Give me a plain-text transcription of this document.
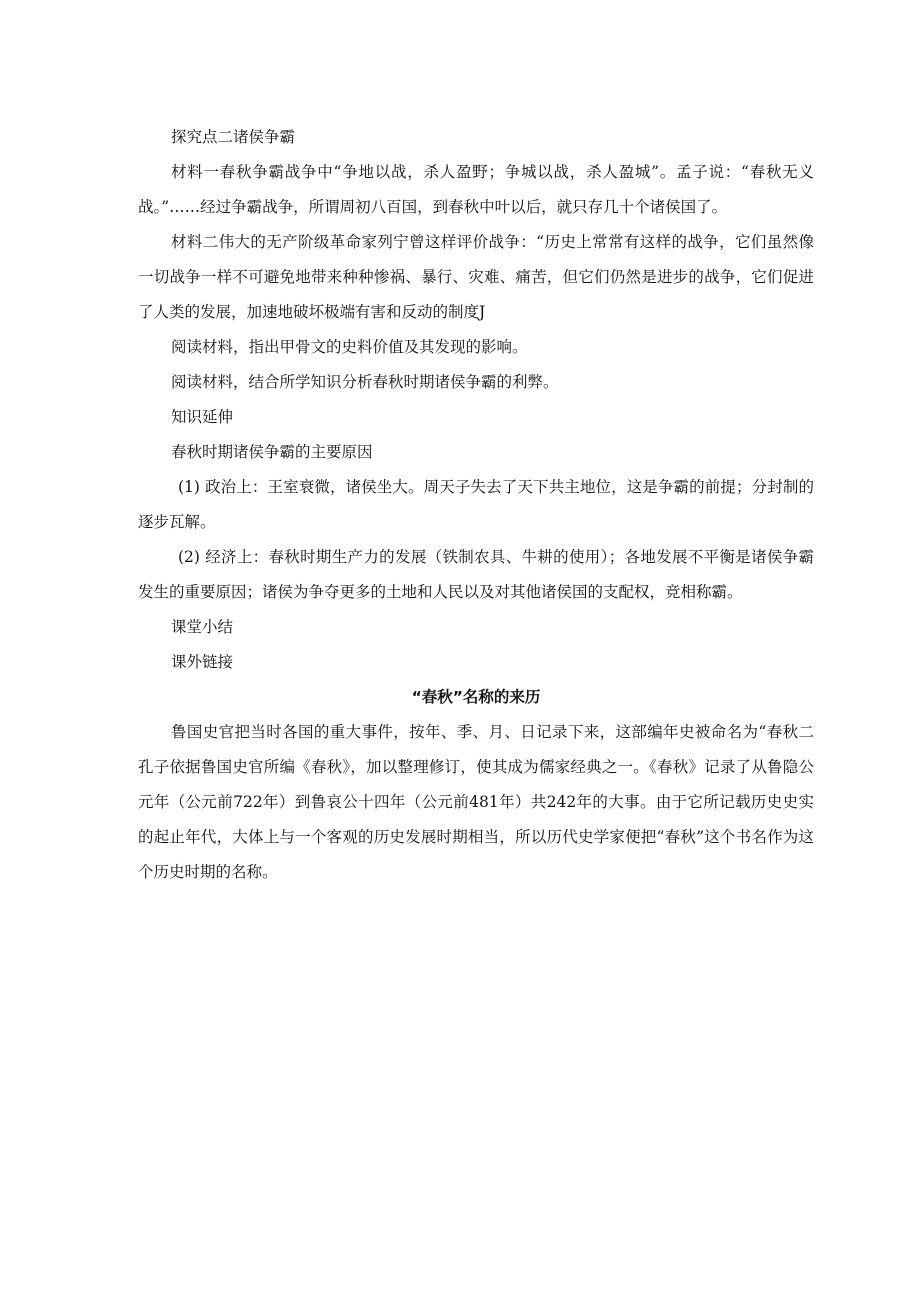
探究点二诸侯争霸

材料一春秋争霸战争中“争地以战，杀人盈野；争城以战，杀人盈城”。孟子说：“春秋无义战。”……经过争霸战争，所谓周初八百国，到春秋中叶以后，就只存几十个诸侯国了。

材料二伟大的无产阶级革命家列宁曾这样评价战争：“历史上常常有这样的战争，它们虽然像一切战争一样不可避免地带来种种惨祸、暴行、灾难、痛苦，但它们仍然是进步的战争，它们促进了人类的发展，加速地破坏极端有害和反动的制度J

阅读材料，指出甲骨文的史料价值及其发现的影响。

阅读材料，结合所学知识分析春秋时期诸侯争霸的利弊。

知识延伸

春秋时期诸侯争霸的主要原因

(1) 政治上：王室衰微，诸侯坐大。周天子失去了天下共主地位，这是争霸的前提；分封制的逐步瓦解。

(2) 经济上：春秋时期生产力的发展（铁制农具、牛耕的使用）；各地发展不平衡是诸侯争霸发生的重要原因；诸侯为争夺更多的土地和人民以及对其他诸侯国的支配权，竞相称霸。

课堂小结

课外链接

“春秋”名称的来历

鲁国史官把当时各国的重大事件，按年、季、月、日记录下来，这部编年史被命名为“春秋二孔子依据鲁国史官所编《春秋》，加以整理修订，使其成为儒家经典之一。《春秋》记录了从鲁隐公元年（公元前722年）到鲁哀公十四年（公元前481年）共242年的大事。由于它所记载历史史实的起止年代，大体上与一个客观的历史发展时期相当，所以历代史学家便把“春秋”这个书名作为这个历史时期的名称。
